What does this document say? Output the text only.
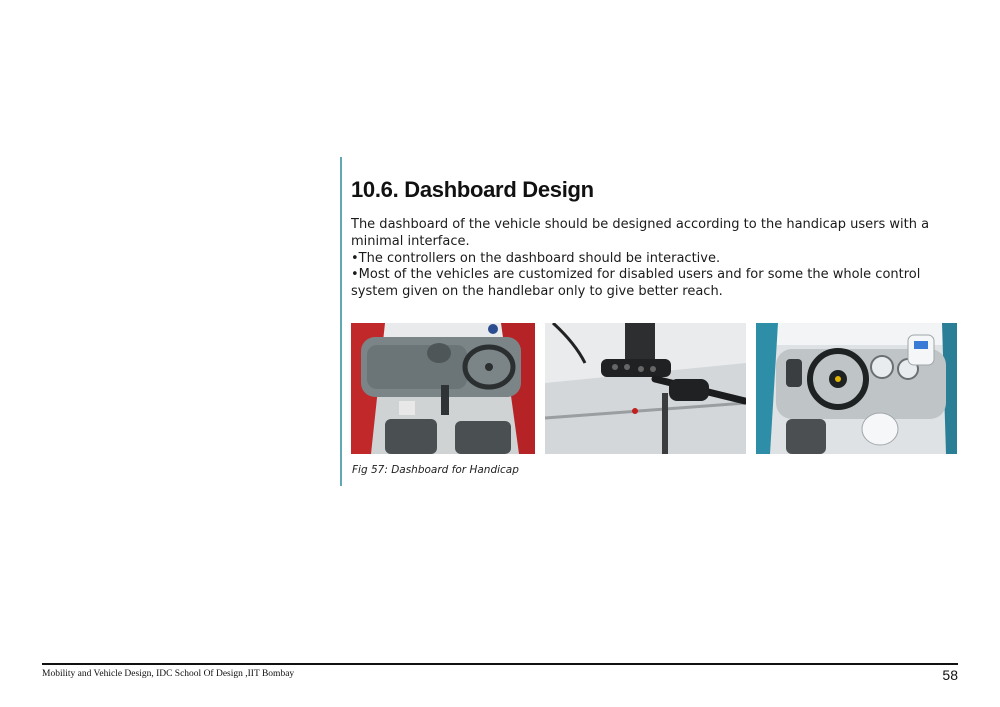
10.6. Dashboard Design

The dashboard of the vehicle should be designed according to the handicap users with a minimal interface.

•The controllers on the dashboard should be interactive.

•Most of the vehicles are customized for disabled users and for some the whole control system given on the handlebar only to give better reach.

Fig 57: Dashboard for Handicap
Mobility and Vehicle Design, IDC School Of Design ,IIT Bombay	58
